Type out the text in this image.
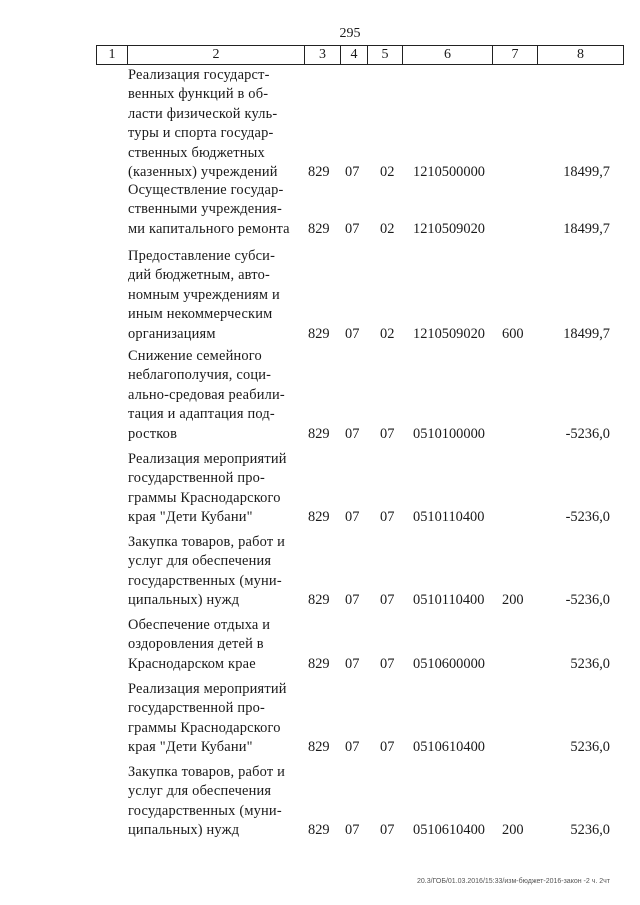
295
1	2	3	4	5	6	7	8
Реализация государст-
венных функций в об-
ласти физической куль-
туры и спорта государ-
ственных бюджетных
(казенных) учреждений	829 07 02 1210500000	18499,7
Осуществление государ-
ственными учреждения-
ми капитального ремонта	829 07 02 1210509020	18499,7
Предоставление субси-
дий бюджетным, авто-
номным учреждениям и
иным некоммерческим
организациям	829 07 02 1210509020 600	18499,7
Снижение семейного
неблагополучия, соци-
ально-средовая реабили-
тация и адаптация под-
ростков	829 07 07 0510100000	-5236,0
Реализация мероприятий
государственной про-
граммы Краснодарского
края "Дети Кубани"	829 07 07 0510110400	-5236,0
Закупка товаров, работ и
услуг для обеспечения
государственных (муни-
ципальных) нужд	829 07 07 0510110400 200	-5236,0
Обеспечение отдыха и
оздоровления детей в
Краснодарском крае	829 07 07 0510600000	5236,0
Реализация мероприятий
государственной про-
граммы Краснодарского
края "Дети Кубани"	829 07 07 0510610400	5236,0
Закупка товаров, работ и
услуг для обеспечения
государственных (муни-
ципальных) нужд	829 07 07 0510610400 200	5236,0
20.3/ГОБ/01.03.2016/15:33/изм-бюджет-2016-закон -2 ч. 2чт
